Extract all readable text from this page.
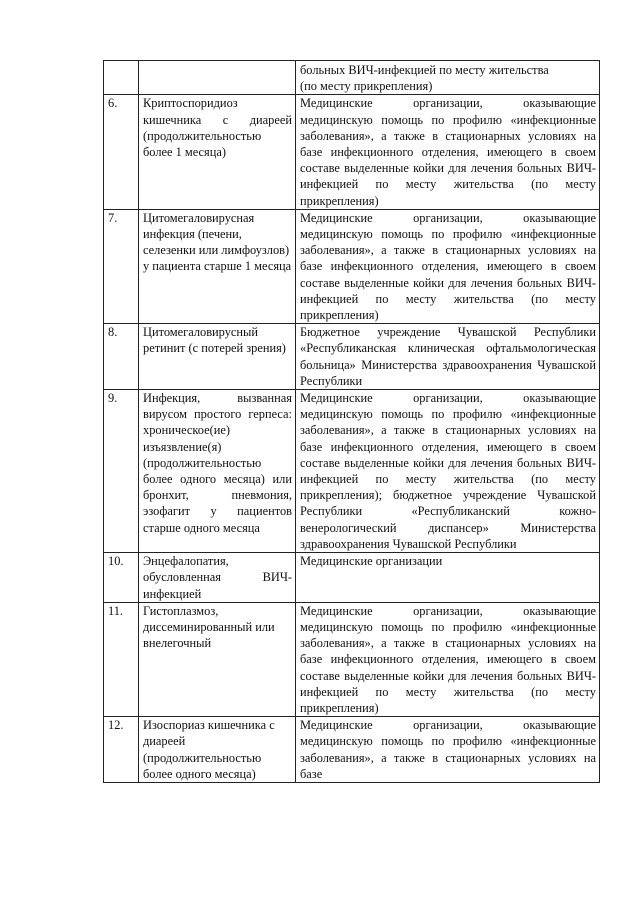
		больных ВИЧ-инфекцией по месту жительства
(по месту прикрепления)

6.	Криптоспоридиоз кишечника с диареей (продолжительностью более 1 месяца)	Медицинские организации, оказывающие медицинскую помощь по профилю «инфекционные заболевания», а также в стационарных условиях на базе инфекционного отделения, имеющего в своем составе выделенные койки для лечения больных ВИЧ-инфекцией по месту жительства (по месту прикрепления)
7.	Цитомегаловирусная инфекция (печени, селезенки или лимфоузлов) у пациента старше 1 месяца	Медицинские организации, оказывающие медицинскую помощь по профилю «инфекционные заболевания», а также в стационарных условиях на базе инфекционного отделения, имеющего в своем составе выделенные койки для лечения больных ВИЧ-инфекцией по месту жительства (по месту прикрепления)
8.	Цитомегаловирусный ретинит (с потерей зрения)	Бюджетное учреждение Чувашской Республики «Республиканская клиническая офтальмологическая больница» Министерства здравоохранения Чувашской Республики
9.	Инфекция, вызванная вирусом простого герпеса: хроническое(ие) изъязвление(я) (продолжительностью более одного месяца) или бронхит, пневмония, эзофагит у пациентов старше одного месяца	Медицинские организации, оказывающие медицинскую помощь по профилю «инфекционные заболевания», а также в стационарных условиях на базе инфекционного отделения, имеющего в своем составе выделенные койки для лечения больных ВИЧ-инфекцией по месту жительства (по месту прикрепления); бюджетное учреждение Чувашской Республики «Республиканский кожно-венерологический диспансер» Министерства здравоохранения Чувашской Республики
10.	Энцефалопатия, обусловленная ВИЧ-инфекцией	Медицинские организации
11.	Гистоплазмоз, диссеминированный или внелегочный	Медицинские организации, оказывающие медицинскую помощь по профилю «инфекционные заболевания», а также в стационарных условиях на базе инфекционного отделения, имеющего в своем составе выделенные койки для лечения больных ВИЧ-инфекцией по месту жительства (по месту прикрепления)
12.	Изоспориаз кишечника с диареей (продолжительностью более одного месяца)	Медицинские организации, оказывающие медицинскую помощь по профилю «инфекционные заболевания», а также в стационарных условиях на базе
